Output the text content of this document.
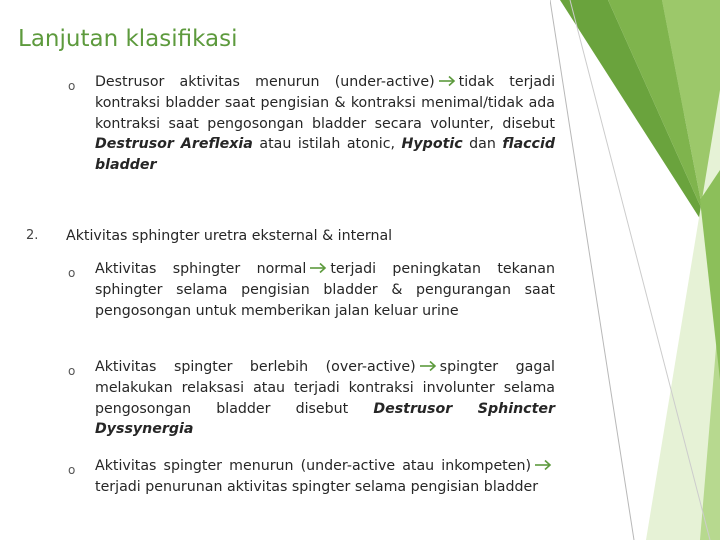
Lanjutan klasifikasi
o Destrusor aktivitas menurun (under-active) tidak terjadi kontraksi bladder saat pengisian & kontraksi menimal/tidak ada kontraksi saat pengosongan bladder secara volunter, disebut Destrusor Areflexia atau istilah atonic, Hypotic dan flaccid bladder
2. Aktivitas sphingter uretra eksternal & internal
o Aktivitas sphingter normal terjadi peningkatan tekanan sphingter selama pengisian bladder & pengurangan saat pengosongan untuk memberikan jalan keluar urine
o Aktivitas spingter berlebih (over-active) spingter gagal melakukan relaksasi atau terjadi kontraksi involunter selama pengosongan bladder disebut Destrusor Sphincter Dyssynergia
o Aktivitas spingter menurun (under-active atau inkompeten)terjadi penurunan aktivitas spingter selama pengisian bladder
